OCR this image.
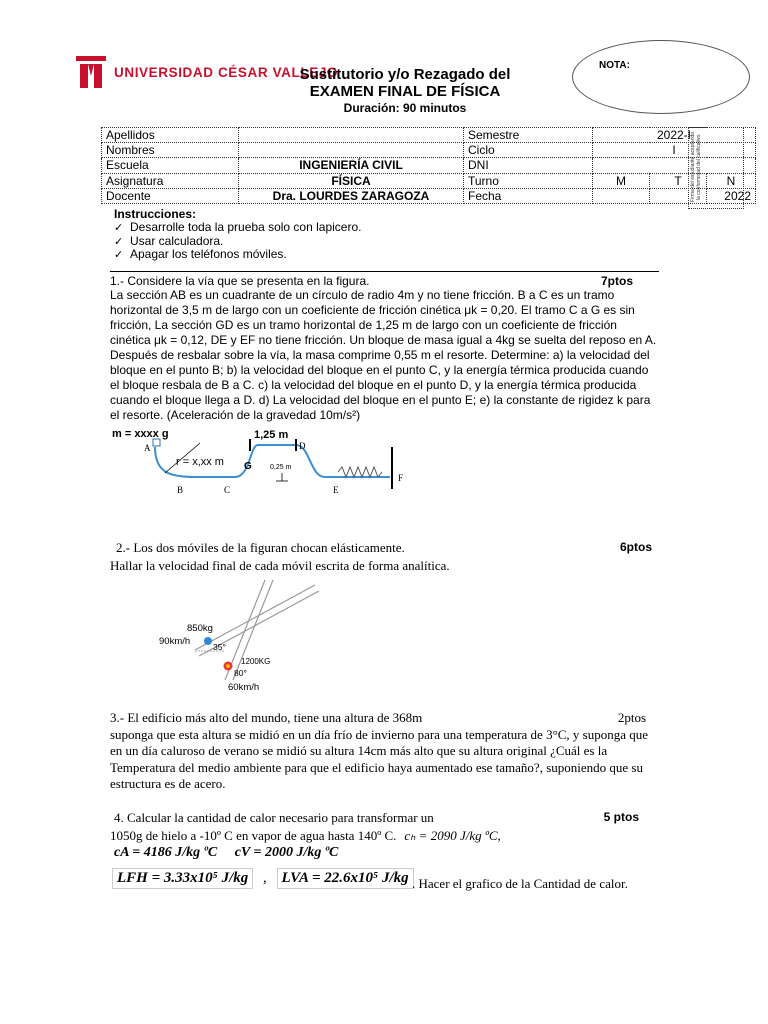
UNIVERSIDAD CÉSAR VALLEJO
Sustitutorio y/o Rezagado del
EXAMEN FINAL DE FÍSICA
Duración: 90 minutos
NOTA:
Apellidos		Semestre	2022-I		
Nombres		Ciclo	I		
Escuela	INGENIERÍA CIVIL	DNI			
Asignatura	FÍSICA	Turno	M	T	N
Docente	Dra. LOURDES ZARAGOZA	Fecha			2022
Firma del estudiante aceptando la conformidad del calificativo.
Instrucciones:
✓ Desarrolle toda la prueba solo con lapicero.
✓ Usar calculadora.
✓ Apagar los teléfonos móviles.
1.- Considere la vía que se presenta en la figura.	7ptos
La sección AB es un cuadrante de un círculo de radio 4m y no tiene fricción. B a C es un tramo horizontal de 3,5 m de largo con un coeficiente de fricción cinética μk = 0,20. El tramo C a G es sin fricción, La sección GD es un tramo horizontal de 1,25 m de largo con un coeficiente de fricción cinética μk = 0,12, DE y EF no tiene fricción. Un bloque de masa igual a 4kg se suelta del reposo en A. Después de resbalar sobre la vía, la masa comprime 0,55 m el resorte. Determine: a) la velocidad del bloque en el punto B; b) la velocidad del bloque en el punto C, y la energía térmica producida cuando el bloque resbala de B a C. c) la velocidad del bloque en el punto D, y la energía térmica producida cuando el bloque llega a D. d) La velocidad del bloque en el punto E; e) la constante de rigidez k para el resorte. (Aceleración de la gravedad 10m/s²)
m = xxxx g
A
r = x,xx m
1,25 m
G
D
0,25 m
B	C	E
F
2.- Los dos móviles de la figuran chocan elásticamente.	6ptos
Hallar la velocidad final de cada móvil escrita de forma analítica.
850kg
90km/h	35°
1200KG
80°
60km/h
3.- El edificio más alto del mundo, tiene una altura de 368m	2ptos
suponga que esta altura se midió en un día frío de invierno para una temperatura de 3°C, y suponga que en un día caluroso de verano se midió su altura 14cm más alto que su altura original ¿Cuál es la Temperatura del medio ambiente para que el edificio haya aumentado ese tamaño?, suponiendo que su estructura es de acero.
4. Calcular la cantidad de calor necesario para transformar un	5 ptos
1050g de hielo a -10º C en vapor de agua hasta 140º C. cₕ = 2090 J/kg ºC,
cA = 4186 J/kg ºC cV = 2000 J/kg ºC
LFH = 3.33x10⁵ J/kg , LVA = 22.6x10⁵ J/kg . Hacer el grafico de la Cantidad de calor.
